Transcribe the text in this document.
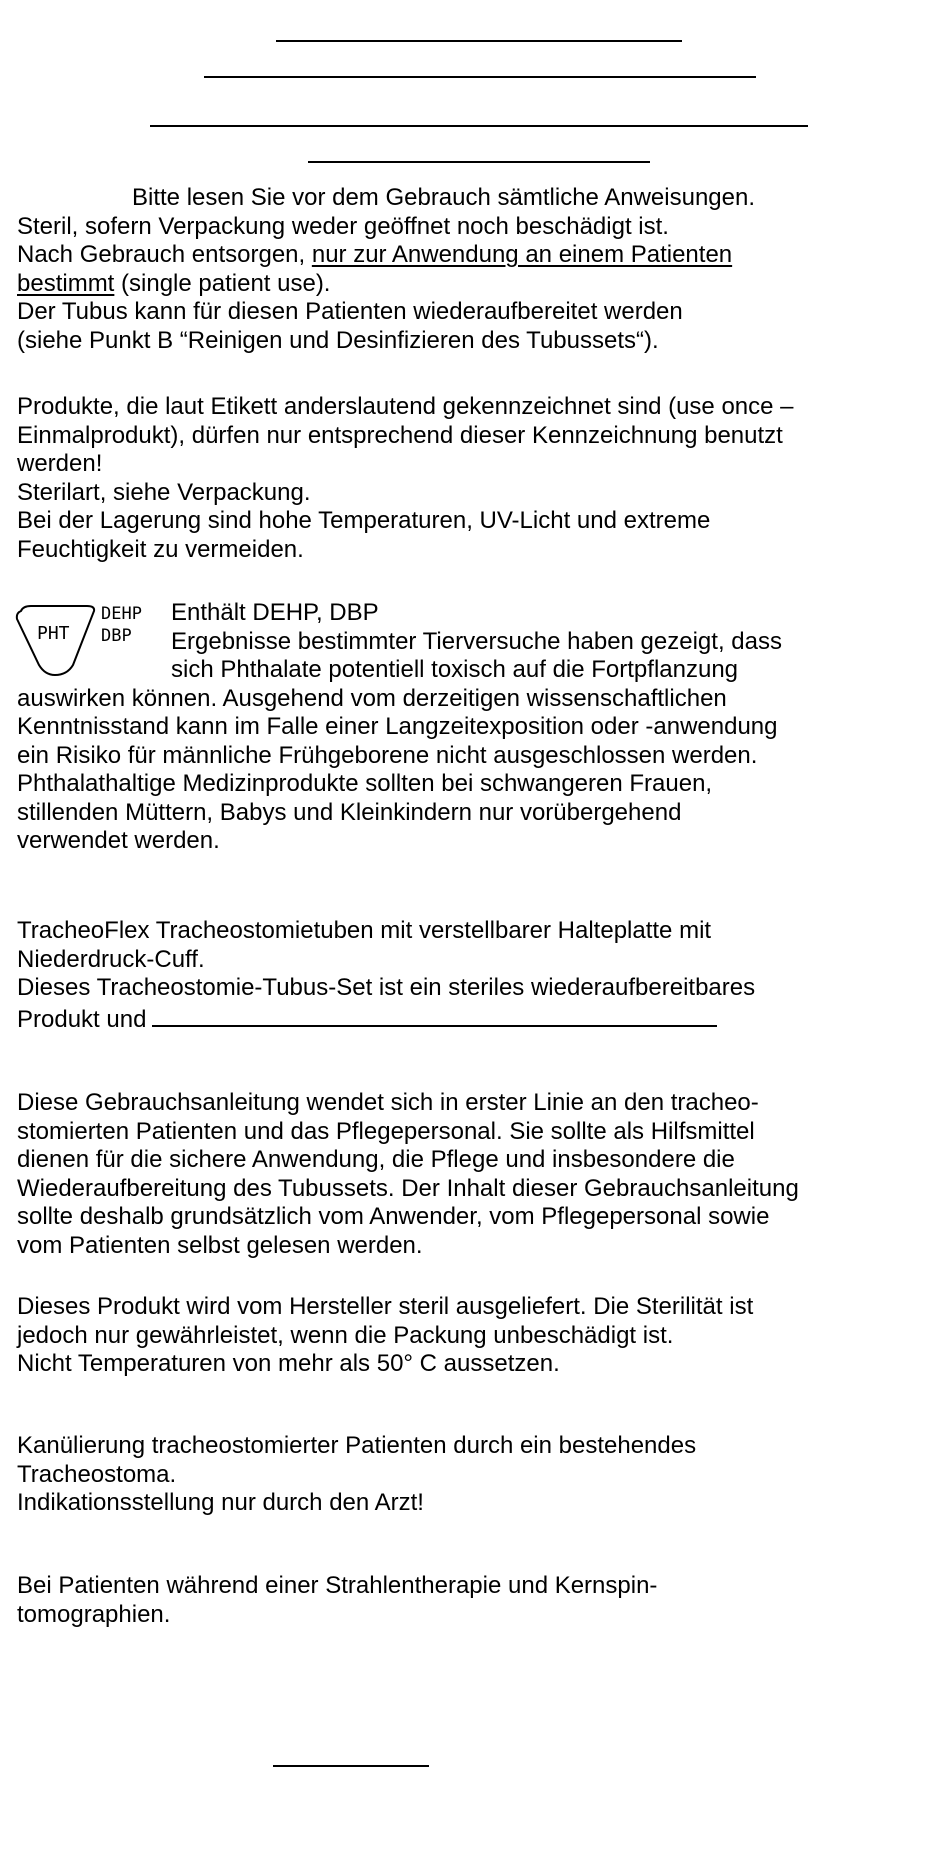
Bitte lesen Sie vor dem Gebrauch sämtliche Anweisungen.
Steril, sofern Verpackung weder geöffnet noch beschädigt ist.
Nach Gebrauch entsorgen, nur zur Anwendung an einem Patienten
bestimmt (single patient use).
Der Tubus kann für diesen Patienten wiederaufbereitet werden
(siehe Punkt B “Reinigen und Desinfizieren des Tubussets“).
Produkte, die laut Etikett anderslautend gekennzeichnet sind (use once –
Einmalprodukt), dürfen nur entsprechend dieser Kennzeichnung benutzt
werden!
Sterilart, siehe Verpackung.
Bei der Lagerung sind hohe Temperaturen, UV-Licht und extreme
Feuchtigkeit zu vermeiden.
PHT
DEHP
DBP
Enthält DEHP, DBP
Ergebnisse bestimmter Tierversuche haben gezeigt, dass
sich Phthalate potentiell toxisch auf die Fortpflanzung
auswirken können. Ausgehend vom derzeitigen wissenschaftlichen
Kenntnisstand kann im Falle einer Langzeitexposition oder -anwendung
ein Risiko für männliche Frühgeborene nicht ausgeschlossen werden.
Phthalathaltige Medizinprodukte sollten bei schwangeren Frauen,
stillenden Müttern, Babys und Kleinkindern nur vorübergehend
verwendet werden.
TracheoFlex Tracheostomietuben mit verstellbarer Halteplatte mit
Niederdruck-Cuff.
Dieses Tracheostomie-Tubus-Set ist ein steriles wiederaufbereitbares
Produkt und
Diese Gebrauchsanleitung wendet sich in erster Linie an den tracheo-
stomierten Patienten und das Pflegepersonal. Sie sollte als Hilfsmittel
dienen für die sichere Anwendung, die Pflege und insbesondere die
Wiederaufbereitung des Tubussets. Der Inhalt dieser Gebrauchsanleitung
sollte deshalb grundsätzlich vom Anwender, vom Pflegepersonal sowie
vom Patienten selbst gelesen werden.
Dieses Produkt wird vom Hersteller steril ausgeliefert. Die Sterilität ist
jedoch nur gewährleistet, wenn die Packung unbeschädigt ist.
Nicht Temperaturen von mehr als 50° C aussetzen.
Kanülierung tracheostomierter Patienten durch ein bestehendes
Tracheostoma.
Indikationsstellung nur durch den Arzt!
Bei Patienten während einer Strahlentherapie und Kernspin-
tomographien.
